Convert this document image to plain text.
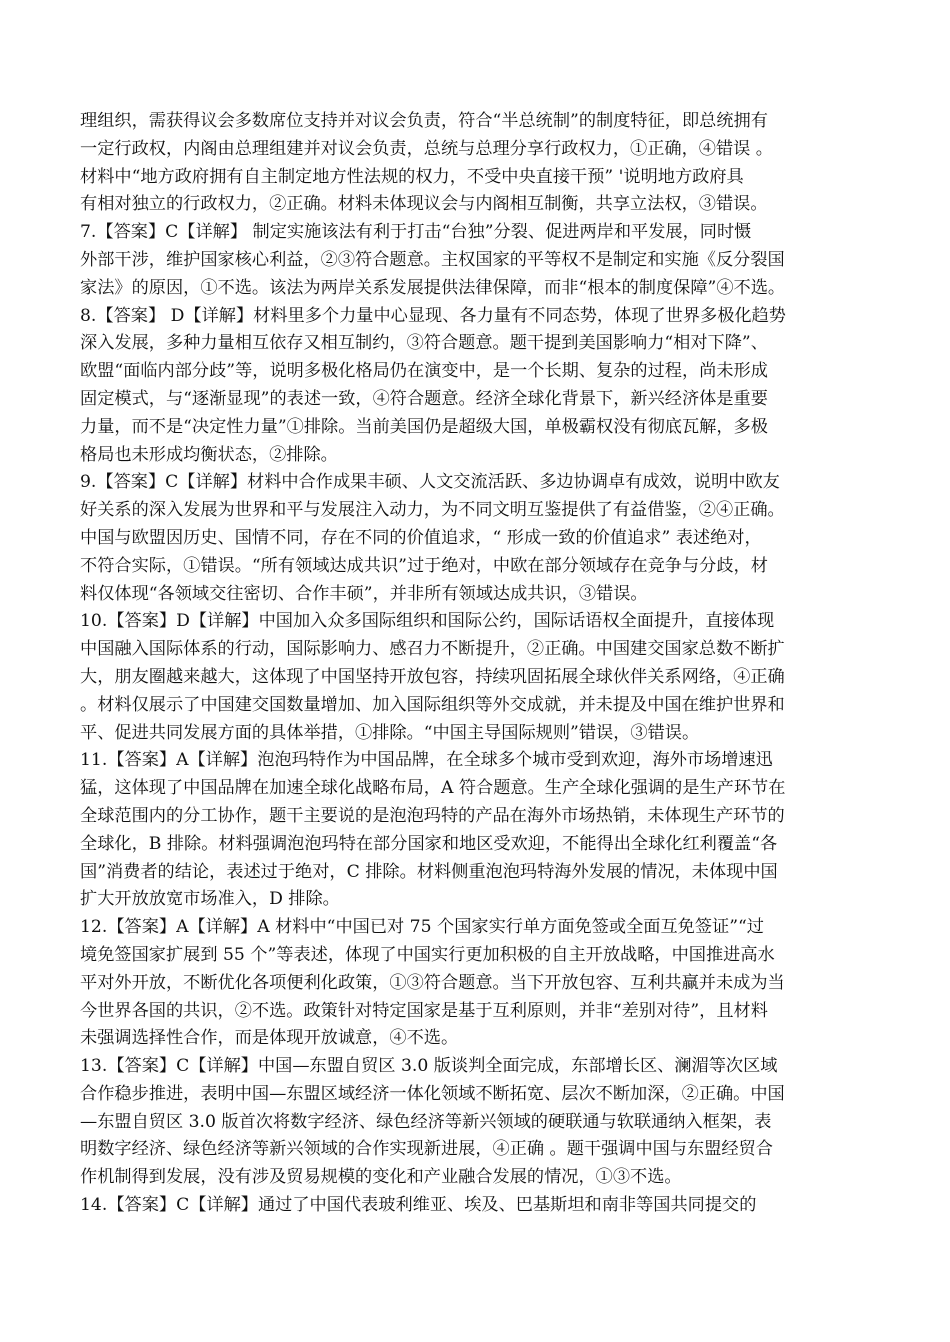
理组织，需获得议会多数席位支持并对议会负责，符合“半总统制”的制度特征，即总统拥有
一定行政权，内阁由总理组建并对议会负责，总统与总理分享行政权力，①正确，④错误 。
材料中“地方政府拥有自主制定地方性法规的权力，不受中央直接干预” '说明地方政府具
有相对独立的行政权力，②正确。材料未体现议会与内阁相互制衡，共享立法权，③错误。
7.【答案】C【详解】 制定实施该法有利于打击“台独”分裂、促进两岸和平发展，同时慑
外部干涉，维护国家核心利益，②③符合题意。主权国家的平等权不是制定和实施《反分裂国
家法》的原因，①不选。该法为两岸关系发展提供法律保障，而非“根本的制度保障”④不选。
8.【答案】 D【详解】材料里多个力量中心显现、各力量有不同态势，体现了世界多极化趋势
深入发展，多种力量相互依存又相互制约，③符合题意。题干提到美国影响力“相对下降”、
欧盟“面临内部分歧”等，说明多极化格局仍在演变中，是一个长期、复杂的过程，尚未形成
固定模式，与“逐渐显现”的表述一致，④符合题意。经济全球化背景下，新兴经济体是重要
力量，而不是“决定性力量”①排除。当前美国仍是超级大国，单极霸权没有彻底瓦解，多极
格局也未形成均衡状态，②排除。
9.【答案】C【详解】材料中合作成果丰硕、人文交流活跃、多边协调卓有成效，说明中欧友
好关系的深入发展为世界和平与发展注入动力，为不同文明互鉴提供了有益借鉴，②④正确。
中国与欧盟因历史、国情不同，存在不同的价值追求，“ 形成一致的价值追求” 表述绝对，
不符合实际，①错误。“所有领域达成共识”过于绝对，中欧在部分领域存在竞争与分歧，材
料仅体现“各领域交往密切、合作丰硕”，并非所有领域达成共识，③错误。
10.【答案】D【详解】中国加入众多国际组织和国际公约，国际话语权全面提升，直接体现
中国融入国际体系的行动，国际影响力、感召力不断提升，②正确。中国建交国家总数不断扩
大，朋友圈越来越大，这体现了中国坚持开放包容，持续巩固拓展全球伙伴关系网络，④正确
。材料仅展示了中国建交国数量增加、加入国际组织等外交成就，并未提及中国在维护世界和
平、促进共同发展方面的具体举措，①排除。“中国主导国际规则”错误，③错误。
11.【答案】A【详解】泡泡玛特作为中国品牌，在全球多个城市受到欢迎，海外市场增速迅
猛，这体现了中国品牌在加速全球化战略布局，A 符合题意。生产全球化强调的是生产环节在
全球范围内的分工协作，题干主要说的是泡泡玛特的产品在海外市场热销，未体现生产环节的
全球化，B 排除。材料强调泡泡玛特在部分国家和地区受欢迎，不能得出全球化红利覆盖“各
国”消费者的结论，表述过于绝对，C 排除。材料侧重泡泡玛特海外发展的情况，未体现中国
扩大开放放宽市场准入，D 排除。
12.【答案】A【详解】A 材料中“中国已对 75 个国家实行单方面免签或全面互免签证”“过
境免签国家扩展到 55 个”等表述，体现了中国实行更加积极的自主开放战略，中国推进高水
平对外开放，不断优化各项便利化政策，①③符合题意。当下开放包容、互利共赢并未成为当
今世界各国的共识，②不选。政策针对特定国家是基于互利原则，并非“差别对待”，且材料
未强调选择性合作，而是体现开放诚意，④不选。
13.【答案】C【详解】中国—东盟自贸区 3.0 版谈判全面完成，东部增长区、澜湄等次区域
合作稳步推进，表明中国—东盟区域经济一体化领域不断拓宽、层次不断加深，②正确。中国
—东盟自贸区 3.0 版首次将数字经济、绿色经济等新兴领域的硬联通与软联通纳入框架，表
明数字经济、绿色经济等新兴领域的合作实现新进展，④正确 。题干强调中国与东盟经贸合
作机制得到发展，没有涉及贸易规模的变化和产业融合发展的情况，①③不选。
14.【答案】C【详解】通过了中国代表玻利维亚、埃及、巴基斯坦和南非等国共同提交的
